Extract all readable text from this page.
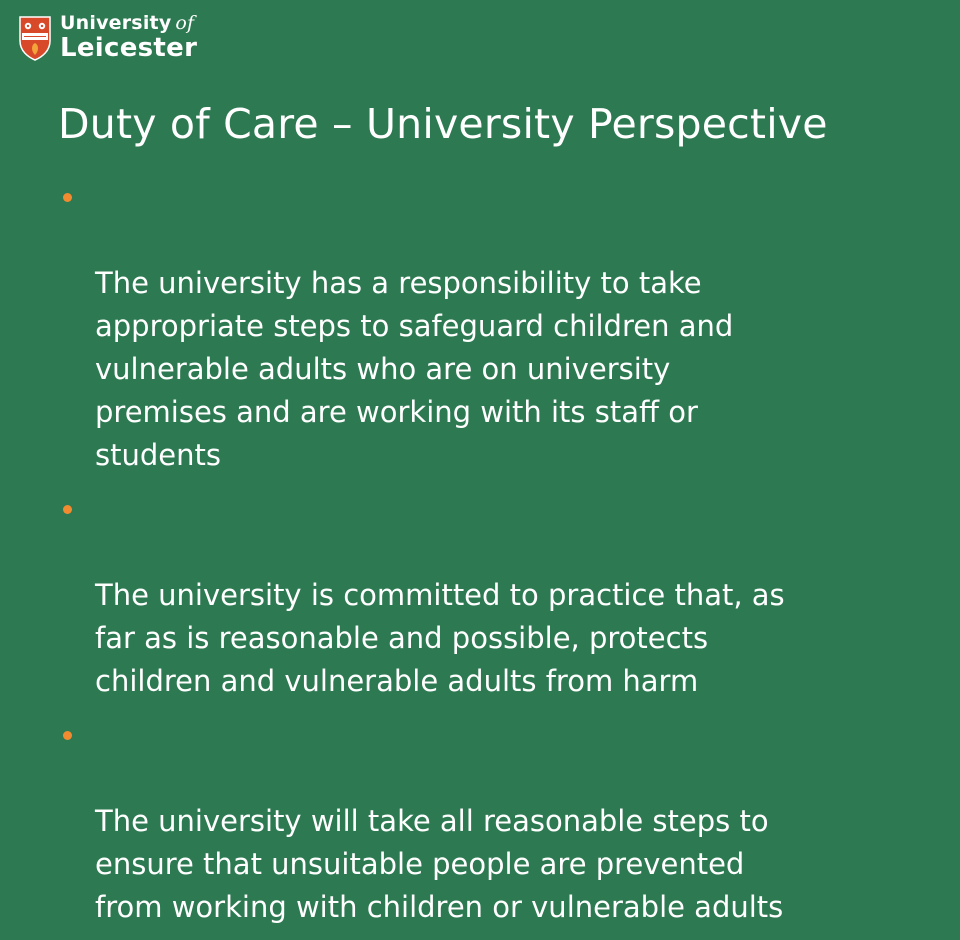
University of
Leicester
Duty of Care – University Perspective

The university has a responsibility to take
appropriate steps to safeguard children and
vulnerable adults who are on university
premises and are working with its staff or
students

The university is committed to practice that, as
far as is reasonable and possible, protects
children and vulnerable adults from harm

The university will take all reasonable steps to
ensure that unsuitable people are prevented
from working with children or vulnerable adults
